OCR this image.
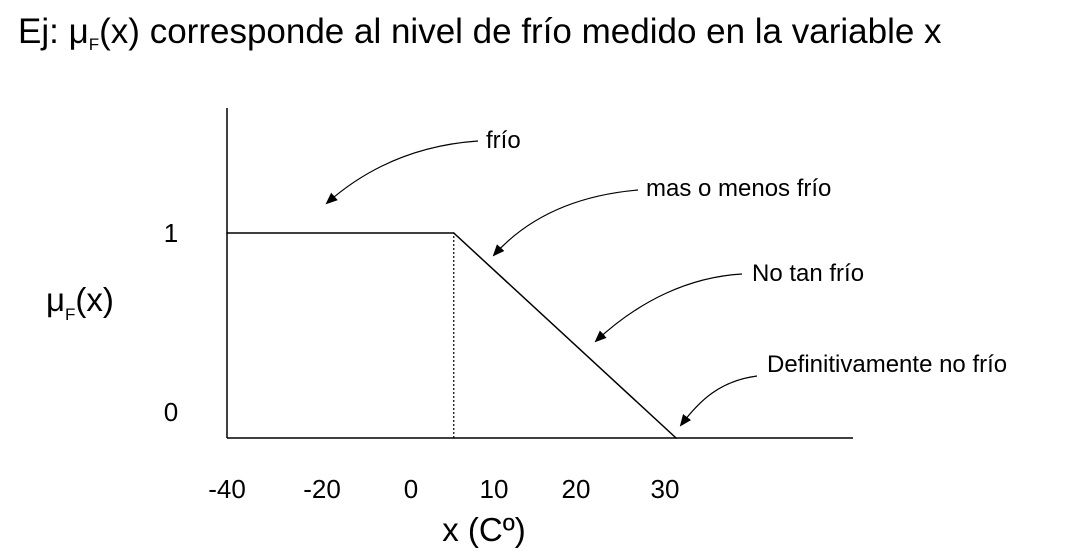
Ej: $\mu_F(x)$ corresponde al nivel de frío medido en la variable x

-40 -20 0 10 20 30
0
1
frío
mas o menos frío
No tan frío
Definitivamente no frío
x (Cº)
$\mu_F(x)$
